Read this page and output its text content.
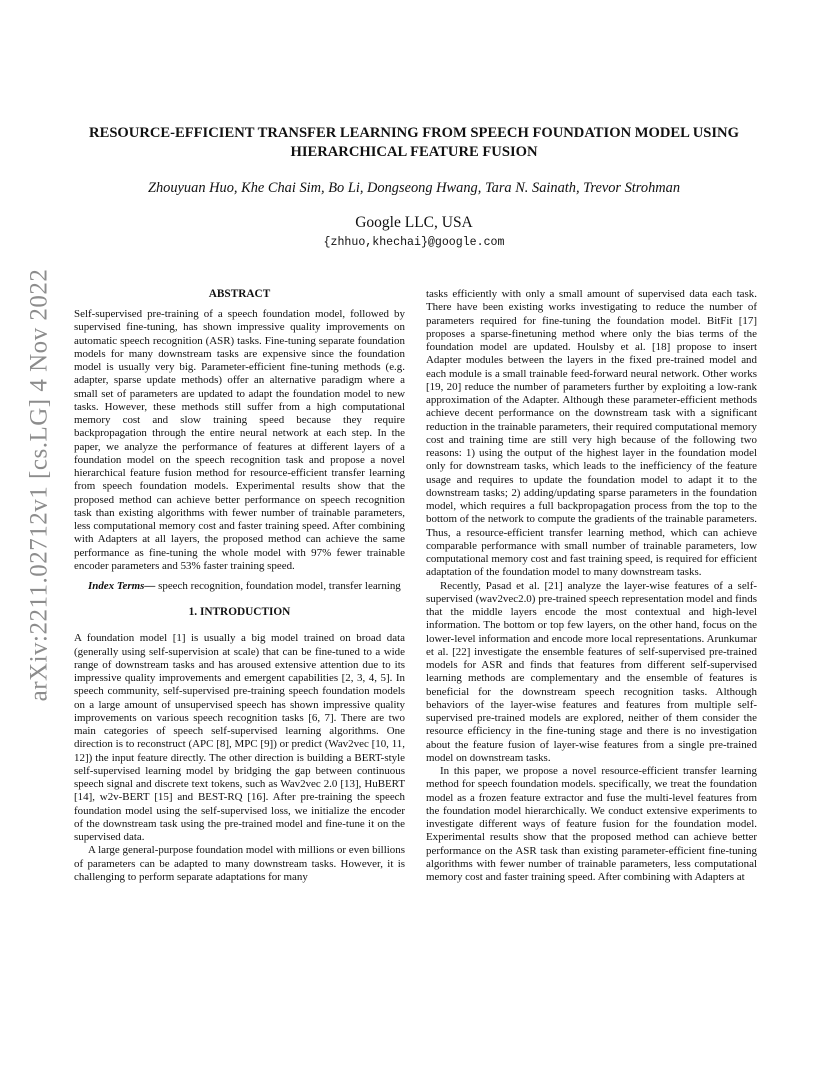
arXiv:2211.02712v1 [cs.LG] 4 Nov 2022
RESOURCE-EFFICIENT TRANSFER LEARNING FROM SPEECH FOUNDATION MODEL USING HIERARCHICAL FEATURE FUSION

Zhouyuan Huo, Khe Chai Sim, Bo Li, Dongseong Hwang, Tara N. Sainath, Trevor Strohman

Google LLC, USA

{zhhuo,khechai}@google.com

ABSTRACT

Self-supervised pre-training of a speech foundation model, followed by supervised fine-tuning, has shown impressive quality improvements on automatic speech recognition (ASR) tasks. Fine-tuning separate foundation models for many downstream tasks are expensive since the foundation model is usually very big. Parameter-efficient fine-tuning methods (e.g. adapter, sparse update methods) offer an alternative paradigm where a small set of parameters are updated to adapt the foundation model to new tasks. However, these methods still suffer from a high computational memory cost and slow training speed because they require backpropagation through the entire neural network at each step. In the paper, we analyze the performance of features at different layers of a foundation model on the speech recognition task and propose a novel hierarchical feature fusion method for resource-efficient transfer learning from speech foundation models. Experimental results show that the proposed method can achieve better performance on speech recognition task than existing algorithms with fewer number of trainable parameters, less computational memory cost and faster training speed. After combining with Adapters at all layers, the proposed method can achieve the same performance as fine-tuning the whole model with 97% fewer trainable encoder parameters and 53% faster training speed.

Index Terms— speech recognition, foundation model, transfer learning

1. INTRODUCTION

A foundation model [1] is usually a big model trained on broad data (generally using self-supervision at scale) that can be fine-tuned to a wide range of downstream tasks and has aroused extensive attention due to its impressive quality improvements and emergent capabilities [2, 3, 4, 5]. In speech community, self-supervised pre-training speech foundation models on a large amount of unsupervised speech has shown impressive quality improvements on various speech recognition tasks [6, 7]. There are two main categories of speech self-supervised learning algorithms. One direction is to reconstruct (APC [8], MPC [9]) or predict (Wav2vec [10, 11, 12]) the input feature directly. The other direction is building a BERT-style self-supervised learning model by bridging the gap between continuous speech signal and discrete text tokens, such as Wav2vec 2.0 [13], HuBERT [14], w2v-BERT [15] and BEST-RQ [16]. After pre-training the speech foundation model using the self-supervised loss, we initialize the encoder of the downstream task using the pre-trained model and fine-tune it on the supervised data.

A large general-purpose foundation model with millions or even billions of parameters can be adapted to many downstream tasks. However, it is challenging to perform separate adaptations for many

tasks efficiently with only a small amount of supervised data each task. There have been existing works investigating to reduce the number of parameters required for fine-tuning the foundation model. BitFit [17] proposes a sparse-finetuning method where only the bias terms of the foundation model are updated. Houlsby et al. [18] propose to insert Adapter modules between the layers in the fixed pre-trained model and each module is a small trainable feed-forward neural network. Other works [19, 20] reduce the number of parameters further by exploiting a low-rank approximation of the Adapter. Although these parameter-efficient methods achieve decent performance on the downstream task with a significant reduction in the trainable parameters, their required computational memory cost and training time are still very high because of the following two reasons: 1) using the output of the highest layer in the foundation model only for downstream tasks, which leads to the inefficiency of the feature usage and requires to update the foundation model to adapt it to the downstream tasks; 2) adding/updating sparse parameters in the foundation model, which requires a full backpropagation process from the top to the bottom of the network to compute the gradients of the trainable parameters. Thus, a resource-efficient transfer learning method, which can achieve comparable performance with small number of trainable parameters, low computational memory cost and fast training speed, is required for efficient adaptation of the foundation model to many downstream tasks.

Recently, Pasad et al. [21] analyze the layer-wise features of a self-supervised (wav2vec2.0) pre-trained speech representation model and finds that the middle layers encode the most contextual and high-level information. The bottom or top few layers, on the other hand, focus on the lower-level information and encode more local representations. Arunkumar et al. [22] investigate the ensemble features of self-supervised pre-trained models for ASR and finds that features from different self-supervised learning methods are complementary and the ensemble of features is beneficial for the downstream speech recognition tasks. Although behaviors of the layer-wise features and features from multiple self-supervised pre-trained models are explored, neither of them consider the resource efficiency in the fine-tuning stage and there is no investigation about the feature fusion of layer-wise features from a single pre-trained model on downstream tasks.

In this paper, we propose a novel resource-efficient transfer learning method for speech foundation models. specifically, we treat the foundation model as a frozen feature extractor and fuse the multi-level features from the foundation model hierarchically. We conduct extensive experiments to investigate different ways of feature fusion for the foundation model. Experimental results show that the proposed method can achieve better performance on the ASR task than existing parameter-efficient fine-tuning algorithms with fewer number of trainable parameters, less computational memory cost and faster training speed. After combining with Adapters at
